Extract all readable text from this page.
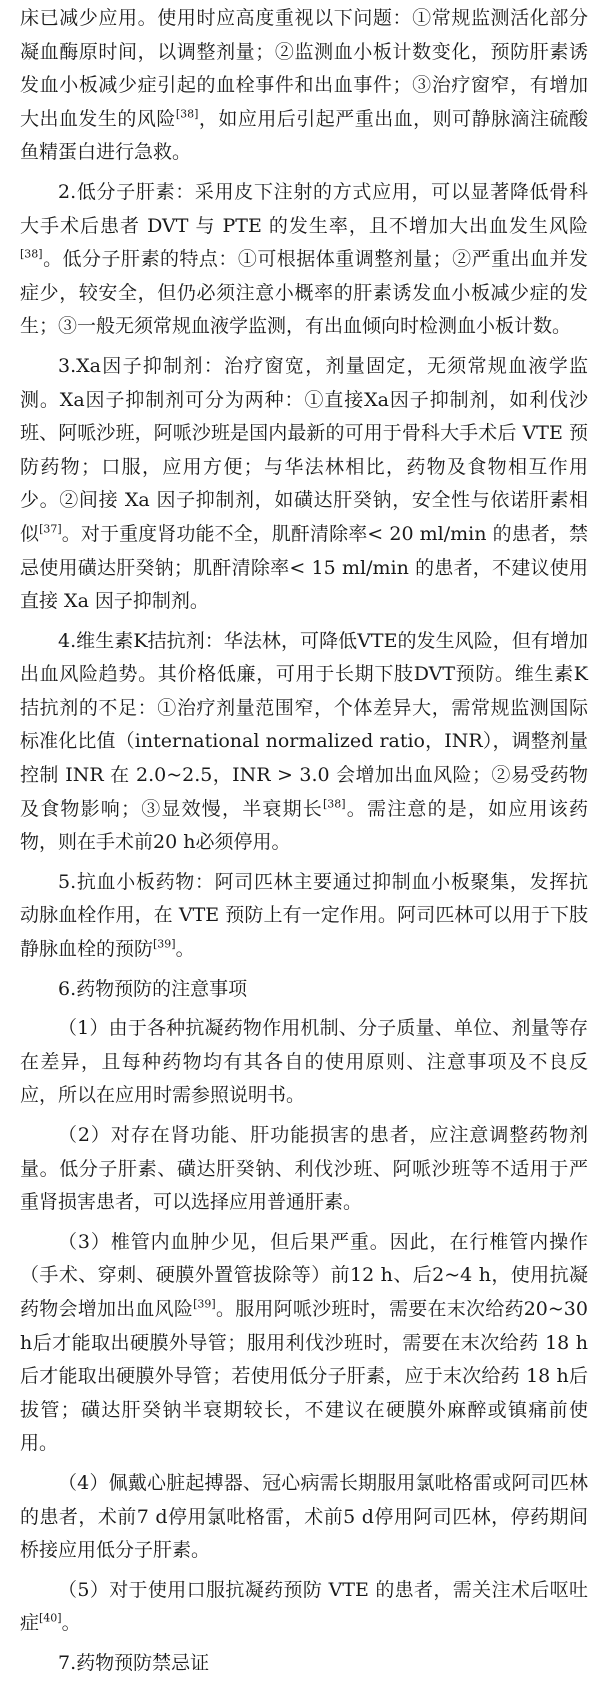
床已减少应用。使用时应高度重视以下问题：①常规监测活化部分凝血酶原时间，以调整剂量；②监测血小板计数变化，预防肝素诱发血小板减少症引起的血栓事件和出血事件；③治疗窗窄，有增加大出血发生的风险[38]，如应用后引起严重出血，则可静脉滴注硫酸鱼精蛋白进行急救。

2.低分子肝素：采用皮下注射的方式应用，可以显著降低骨科大手术后患者 DVT 与 PTE 的发生率，且不增加大出血发生风险[38]。低分子肝素的特点：①可根据体重调整剂量；②严重出血并发症少，较安全，但仍必须注意小概率的肝素诱发血小板减少症的发生；③一般无须常规血液学监测，有出血倾向时检测血小板计数。

3.Xa因子抑制剂：治疗窗宽，剂量固定，无须常规血液学监测。Xa因子抑制剂可分为两种：①直接Xa因子抑制剂，如利伐沙班、阿哌沙班，阿哌沙班是国内最新的可用于骨科大手术后 VTE 预防药物；口服，应用方便；与华法林相比，药物及食物相互作用少。②间接 Xa 因子抑制剂，如磺达肝癸钠，安全性与依诺肝素相似[37]。对于重度肾功能不全，肌酐清除率< 20 ml/min 的患者，禁忌使用磺达肝癸钠；肌酐清除率< 15 ml/min 的患者，不建议使用直接 Xa 因子抑制剂。

4.维生素K拮抗剂：华法林，可降低VTE的发生风险，但有增加出血风险趋势。其价格低廉，可用于长期下肢DVT预防。维生素K拮抗剂的不足：①治疗剂量范围窄，个体差异大，需常规监测国际标准化比值（international normalized ratio，INR），调整剂量控制 INR 在 2.0~2.5，INR > 3.0 会增加出血风险；②易受药物及食物影响；③显效慢，半衰期长[38]。需注意的是，如应用该药物，则在手术前20 h必须停用。

5.抗血小板药物：阿司匹林主要通过抑制血小板聚集，发挥抗动脉血栓作用，在 VTE 预防上有一定作用。阿司匹林可以用于下肢静脉血栓的预防[39]。

6.药物预防的注意事项

（1）由于各种抗凝药物作用机制、分子质量、单位、剂量等存在差异，且每种药物均有其各自的使用原则、注意事项及不良反应，所以在应用时需参照说明书。

（2）对存在肾功能、肝功能损害的患者，应注意调整药物剂量。低分子肝素、磺达肝癸钠、利伐沙班、阿哌沙班等不适用于严重肾损害患者，可以选择应用普通肝素。

（3）椎管内血肿少见，但后果严重。因此，在行椎管内操作（手术、穿刺、硬膜外置管拔除等）前12 h、后2~4 h，使用抗凝药物会增加出血风险[39]。服用阿哌沙班时，需要在末次给药20~30 h后才能取出硬膜外导管；服用利伐沙班时，需要在末次给药 18 h后才能取出硬膜外导管；若使用低分子肝素，应于末次给药 18 h后拔管；磺达肝癸钠半衰期较长，不建议在硬膜外麻醉或镇痛前使用。

（4）佩戴心脏起搏器、冠心病需长期服用氯吡格雷或阿司匹林的患者，术前7 d停用氯吡格雷，术前5 d停用阿司匹林，停药期间桥接应用低分子肝素。

（5）对于使用口服抗凝药预防 VTE 的患者，需关注术后呕吐症[40]。

7.药物预防禁忌证
